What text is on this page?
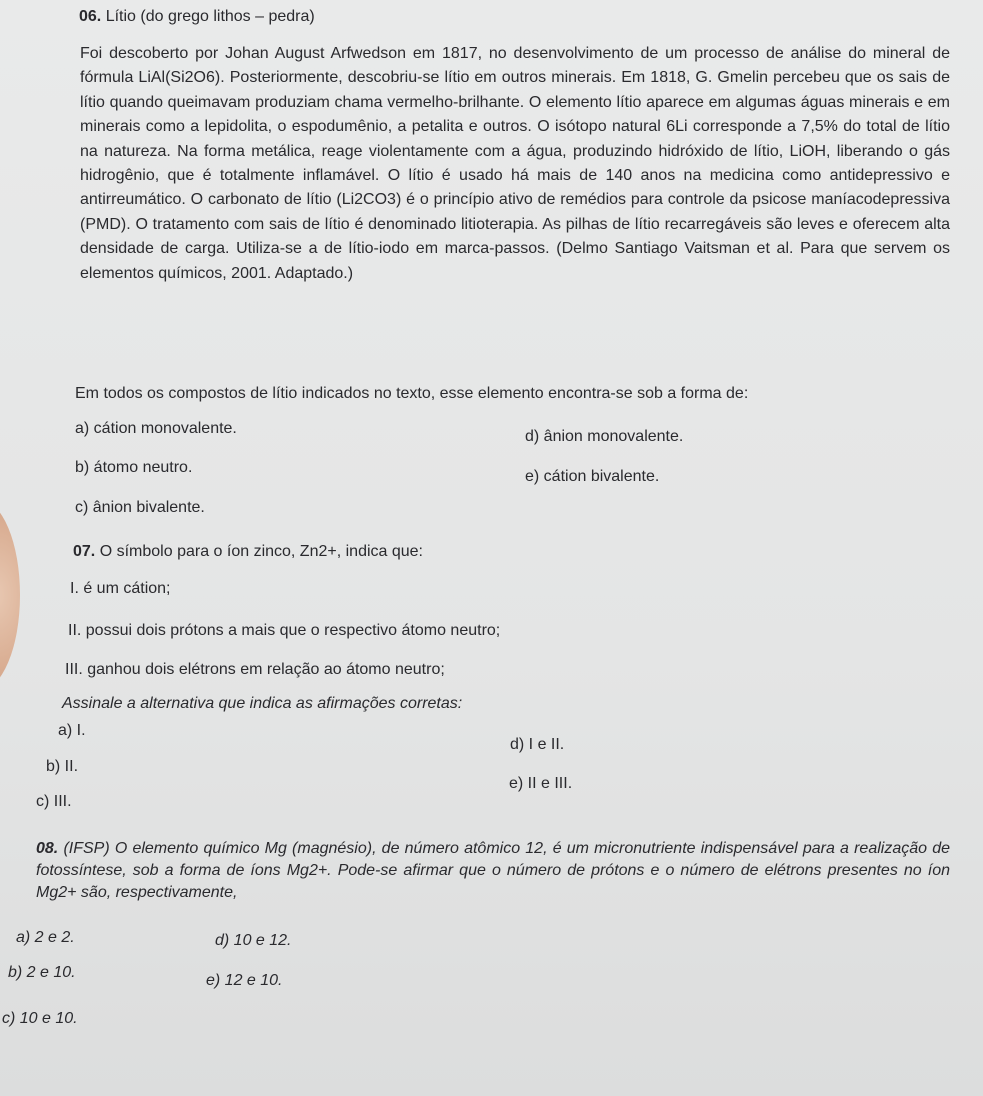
06. Lítio (do grego lithos – pedra)
Foi descoberto por Johan August Arfwedson em 1817, no desenvolvimento de um processo de análise do mineral de fórmula LiAl(Si2O6). Posteriormente, descobriu-se lítio em outros minerais. Em 1818, G. Gmelin percebeu que os sais de lítio quando queimavam produziam chama vermelho-brilhante. O elemento lítio aparece em algumas águas minerais e em minerais como a lepidolita, o espodumênio, a petalita e outros. O isótopo natural 6Li corresponde a 7,5% do total de lítio na natureza. Na forma metálica, reage violentamente com a água, produzindo hidróxido de lítio, LiOH, liberando o gás hidrogênio, que é totalmente inflamável. O lítio é usado há mais de 140 anos na medicina como antidepressivo e antirreumático. O carbonato de lítio (Li2CO3) é o princípio ativo de remédios para controle da psicose maníacodepressiva (PMD). O tratamento com sais de lítio é denominado litioterapia. As pilhas de lítio recarregáveis são leves e oferecem alta densidade de carga. Utiliza-se a de lítio-iodo em marca-passos. (Delmo Santiago Vaitsman et al. Para que servem os elementos químicos, 2001. Adaptado.)
Em todos os compostos de lítio indicados no texto, esse elemento encontra-se sob a forma de:
a) cátion monovalente.	d) ânion monovalente.
b) átomo neutro.
e) cátion bivalente.
c) ânion bivalente.
07. O símbolo para o íon zinco, Zn2+, indica que:
I. é um cátion;
II. possui dois prótons a mais que o respectivo átomo neutro;
III. ganhou dois elétrons em relação ao átomo neutro;
Assinale a alternativa que indica as afirmações corretas:
a) I.
d) I e II.
b) II.
e) II e III.
c) III.
08. (IFSP) O elemento químico Mg (magnésio), de número atômico 12, é um micronutriente indispensável para a realização de fotossíntese, sob a forma de íons Mg2+. Pode-se afirmar que o número de prótons e o número de elétrons presentes no íon Mg2+ são, respectivamente,
a) 2 e 2.	d) 10 e 12.
b) 2 e 10.	e) 12 e 10.
c) 10 e 10.
